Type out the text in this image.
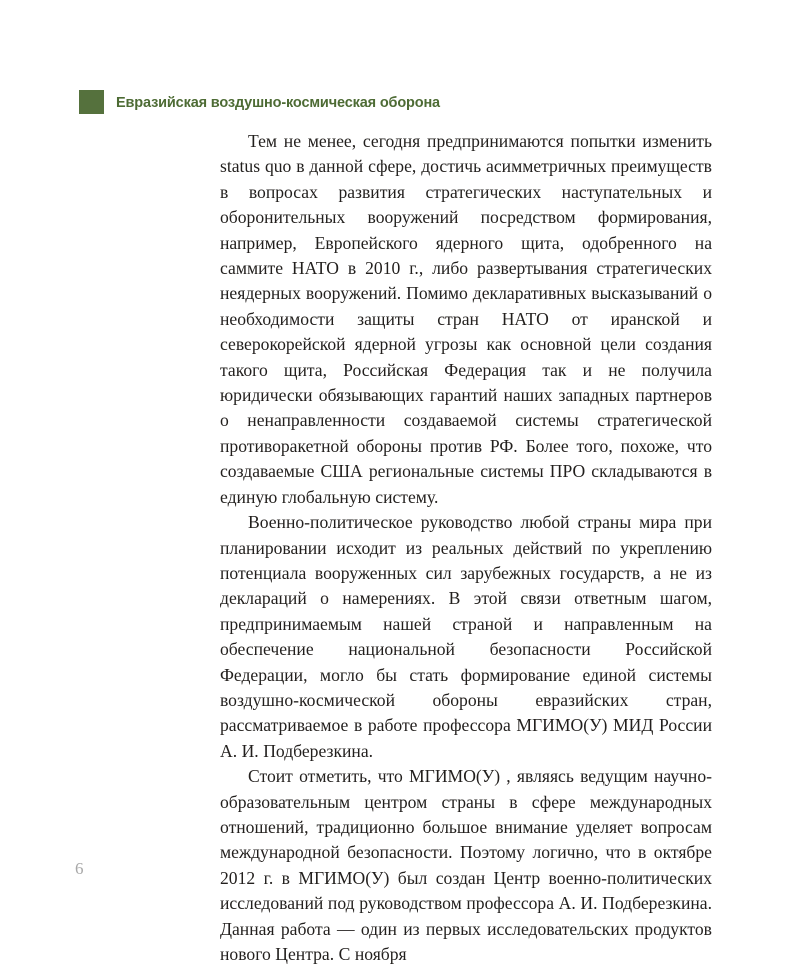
Евразийская воздушно-космическая оборона

Тем не менее, сегодня предпринимаются попытки изменить status quo в данной сфере, достичь асимметричных преимуществ в вопросах развития стратегических наступательных и оборонительных вооружений посредством формирования, например, Европейского ядерного щита, одобренного на саммите НАТО в 2010 г., либо развертывания стратегических неядерных вооружений. Помимо декларативных высказываний о необходимости защиты стран НАТО от иранской и северокорейской ядерной угрозы как основной цели создания такого щита, Российская Федерация так и не получила юридически обязывающих гарантий наших западных партнеров о ненаправленности создаваемой системы стратегической противоракетной обороны против РФ. Более того, похоже, что создаваемые США региональные системы ПРО складываются в единую глобальную систему.

Военно-политическое руководство любой страны мира при планировании исходит из реальных действий по укреплению потенциала вооруженных сил зарубежных государств, а не из деклараций о намерениях. В этой связи ответным шагом, предпринимаемым нашей страной и направленным на обеспечение национальной безопасности Российской Федерации, могло бы стать формирование единой системы воздушно-космической обороны евразийских стран, рассматриваемое в работе профессора МГИМО(У) МИД России А. И. Подберезкина.

Стоит отметить, что МГИМО(У) , являясь ведущим научно-образовательным центром страны в сфере международных отношений, традиционно большое внимание уделяет вопросам международной безопасности. Поэтому логично, что в октябре 2012 г. в МГИМО(У) был создан Центр военно-политических исследований под руководством профессора А. И. Подберезкина. Данная работа — один из первых исследовательских продуктов нового Центра. С ноября

6
